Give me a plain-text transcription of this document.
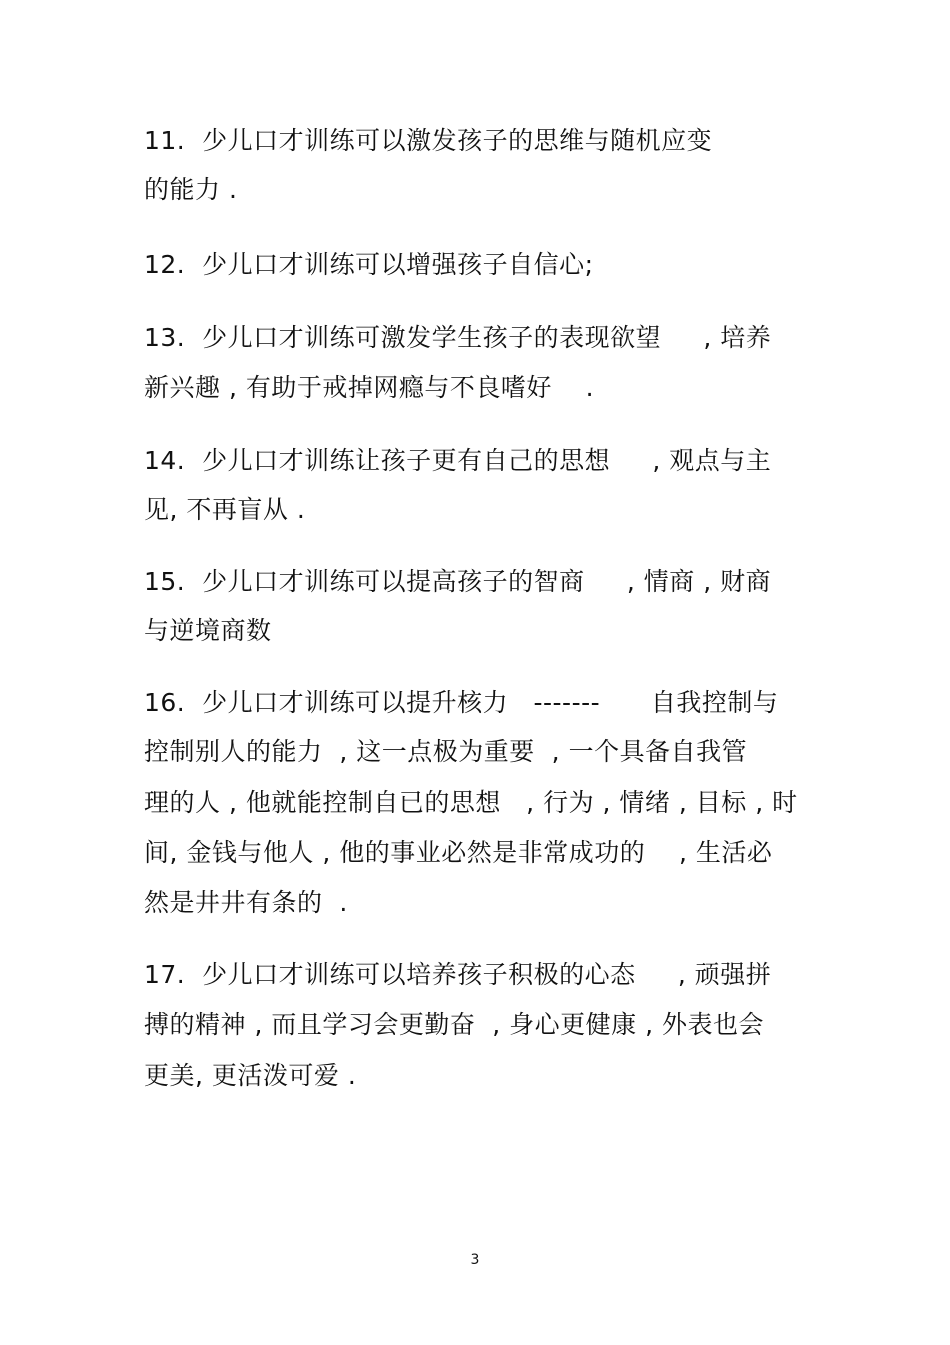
11.  少儿口才训练可以激发孩子的思维与随机应变
的能力 .
12.  少儿口才训练可以增强孩子自信心;
13.  少儿口才训练可激发学生孩子的表现欲望     , 培养
新兴趣 , 有助于戒掉网瘾与不良嗜好    .
14.  少儿口才训练让孩子更有自己的思想     , 观点与主
见, 不再盲从 .
15.  少儿口才训练可以提高孩子的智商     , 情商 , 财商
与逆境商数
16.  少儿口才训练可以提升核力   -------      自我控制与
控制别人的能力  , 这一点极为重要  , 一个具备自我管
理的人 , 他就能控制自已的思想   , 行为 , 情绪 , 目标 , 时
间, 金钱与他人 , 他的事业必然是非常成功的    , 生活必
然是井井有条的  .
17.  少儿口才训练可以培养孩子积极的心态     , 顽强拼
搏的精神 , 而且学习会更勤奋  , 身心更健康 , 外表也会
更美, 更活泼可爱 .
3
